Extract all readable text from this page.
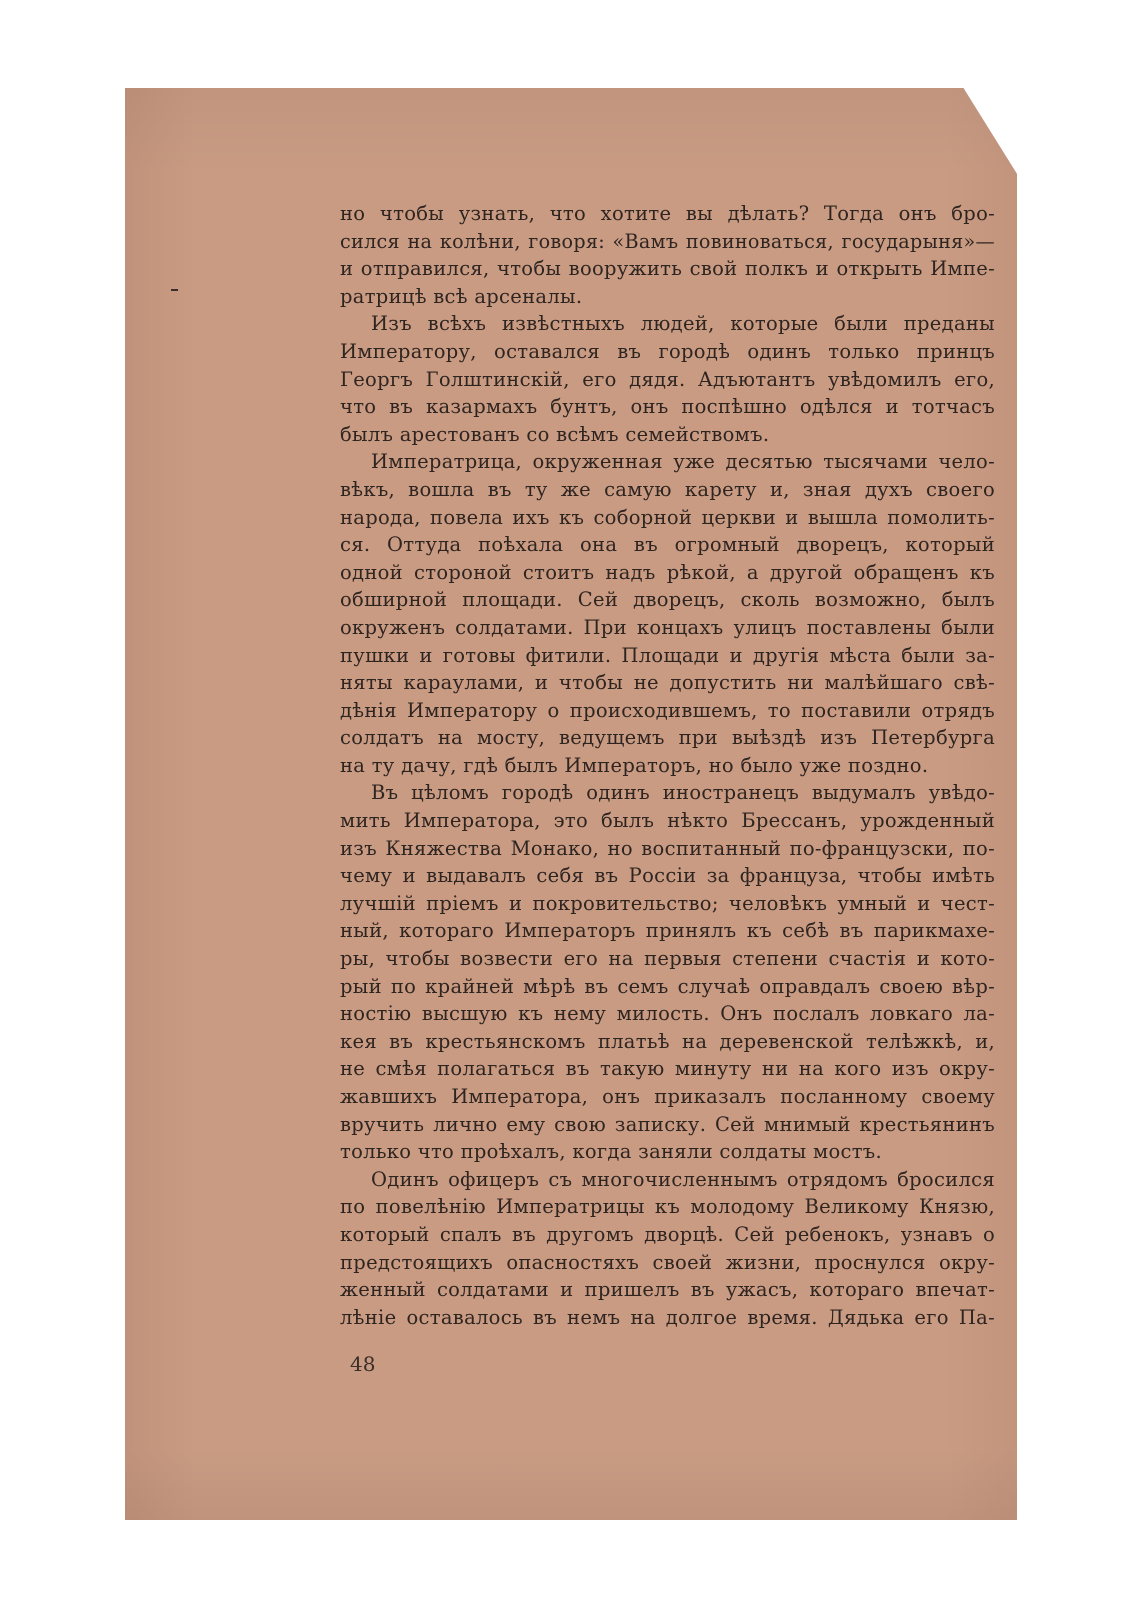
но чтобы узнать, что хотите вы дѣлать? Тогда онъ бро-
сился на колѣни, говоря: «Вамъ повиноваться, государыня»—
и отправился, чтобы вооружить свой полкъ и открыть Импе-
ратрицѣ всѣ арсеналы.
Изъ всѣхъ извѣстныхъ людей, которые были преданы
Императору, оставался въ городѣ одинъ только принцъ
Георгъ Голштинскій, его дядя. Адъютантъ увѣдомилъ его,
что въ казармахъ бунтъ, онъ поспѣшно одѣлся и тотчасъ
былъ арестованъ со всѣмъ семействомъ.
Императрица, окруженная уже десятью тысячами чело-
вѣкъ, вошла въ ту же самую карету и, зная духъ своего
народа, повела ихъ къ соборной церкви и вышла помолить-
ся. Оттуда поѣхала она въ огромный дворецъ, который
одной стороной стоитъ надъ рѣкой, а другой обращенъ къ
обширной площади. Сей дворецъ, сколь возможно, былъ
окруженъ солдатами. При концахъ улицъ поставлены были
пушки и готовы фитили. Площади и другія мѣста были за-
няты караулами, и чтобы не допустить ни малѣйшаго свѣ-
дѣнія Императору о происходившемъ, то поставили отрядъ
солдатъ на мосту, ведущемъ при выѣздѣ изъ Петербурга
на ту дачу, гдѣ былъ Императоръ, но было уже поздно.
Въ цѣломъ городѣ одинъ иностранецъ выдумалъ увѣдо-
мить Императора, это былъ нѣкто Брессанъ, урожденный
изъ Княжества Монако, но воспитанный по-французски, по-
чему и выдавалъ себя въ Россіи за француза, чтобы имѣть
лучшій пріемъ и покровительство; человѣкъ умный и чест-
ный, котораго Императоръ принялъ къ себѣ въ парикмахе-
ры, чтобы возвести его на первыя степени счастія и кото-
рый по крайней мѣрѣ въ семъ случаѣ оправдалъ своею вѣр-
ностію высшую къ нему милость. Онъ послалъ ловкаго ла-
кея въ крестьянскомъ платьѣ на деревенской телѣжкѣ, и,
не смѣя полагаться въ такую минуту ни на кого изъ окру-
жавшихъ Императора, онъ приказалъ посланному своему
вручить лично ему свою записку. Сей мнимый крестьянинъ
только что проѣхалъ, когда заняли солдаты мостъ.
Одинъ офицеръ съ многочисленнымъ отрядомъ бросился
по повелѣнію Императрицы къ молодому Великому Князю,
который спалъ въ другомъ дворцѣ. Сей ребенокъ, узнавъ о
предстоящихъ опасностяхъ своей жизни, проснулся окру-
женный солдатами и пришелъ въ ужасъ, котораго впечат-
лѣніе оставалось въ немъ на долгое время. Дядька его Па-
48
